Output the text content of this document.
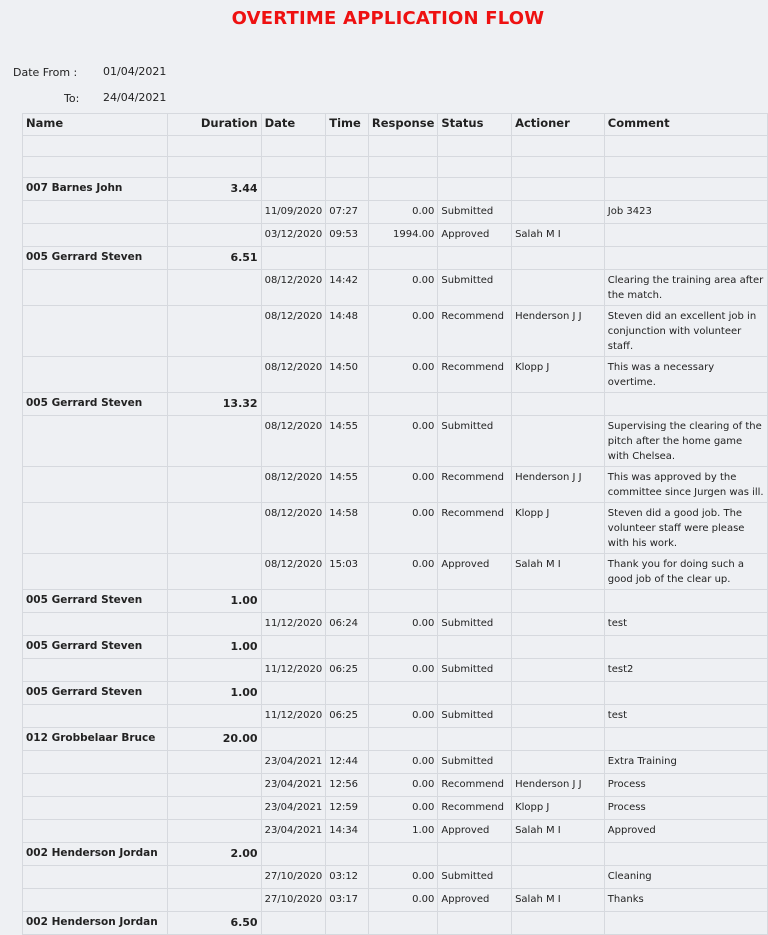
OVERTIME APPLICATION FLOW
Date From : 01/04/2021
To: 24/04/2021
Name	Duration	Date	Time	Response	Status	Actioner	Comment

007 Barnes John	3.44						
		11/09/2020	07:27	0.00	Submitted		Job 3423
		03/12/2020	09:53	1994.00	Approved	Salah M I	
005 Gerrard Steven	6.51						
		08/12/2020	14:42	0.00	Submitted		Clearing the training area after the match.
		08/12/2020	14:48	0.00	Recommend	Henderson J J	Steven did an excellent job in conjunction with volunteer staff.
		08/12/2020	14:50	0.00	Recommend	Klopp J	This was a necessary overtime.
005 Gerrard Steven	13.32						
		08/12/2020	14:55	0.00	Submitted		Supervising the clearing of the pitch after the home game with Chelsea.
		08/12/2020	14:55	0.00	Recommend	Henderson J J	This was approved by the committee since Jurgen was ill.
		08/12/2020	14:58	0.00	Recommend	Klopp J	Steven did a good job. The volunteer staff were please with his work.
		08/12/2020	15:03	0.00	Approved	Salah M I	Thank you for doing such a good job of the clear up.
005 Gerrard Steven	1.00						
		11/12/2020	06:24	0.00	Submitted		test
005 Gerrard Steven	1.00						
		11/12/2020	06:25	0.00	Submitted		test2
005 Gerrard Steven	1.00						
		11/12/2020	06:25	0.00	Submitted		test
012 Grobbelaar Bruce	20.00						
		23/04/2021	12:44	0.00	Submitted		Extra Training
		23/04/2021	12:56	0.00	Recommend	Henderson J J	Process
		23/04/2021	12:59	0.00	Recommend	Klopp J	Process
		23/04/2021	14:34	1.00	Approved	Salah M I	Approved
002 Henderson Jordan	2.00						
		27/10/2020	03:12	0.00	Submitted		Cleaning
		27/10/2020	03:17	0.00	Approved	Salah M I	Thanks
002 Henderson Jordan	6.50						
